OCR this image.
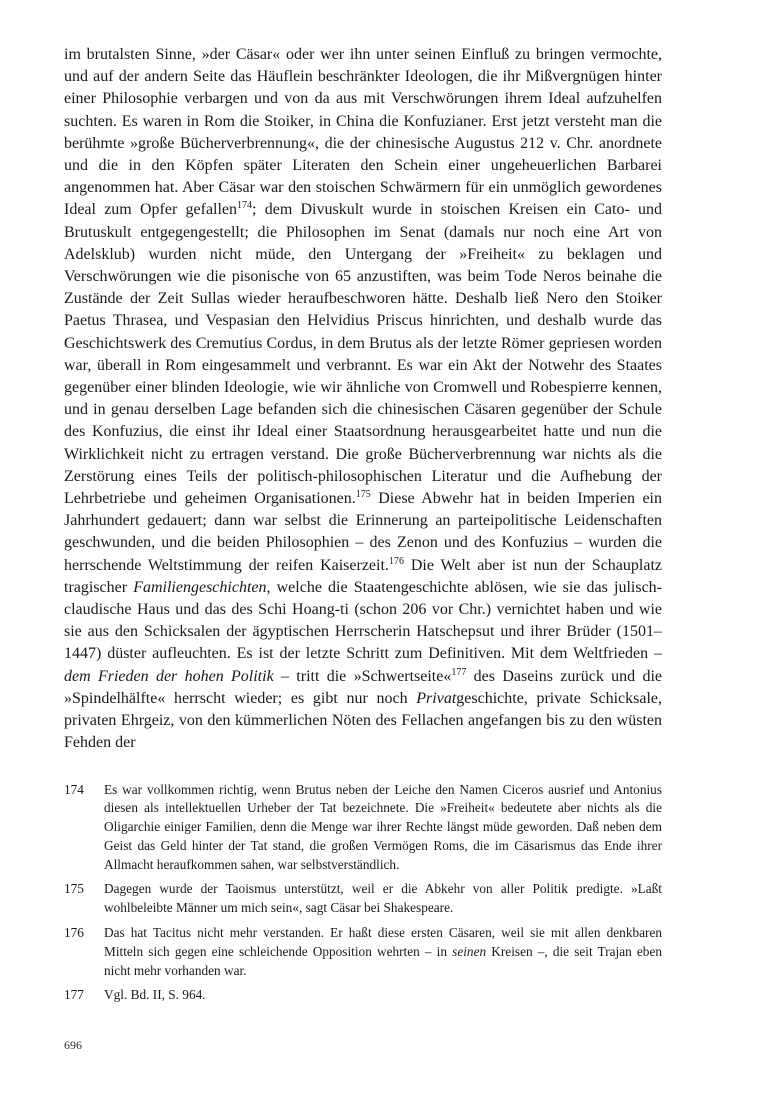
im brutalsten Sinne, »der Cäsar« oder wer ihn unter seinen Einfluß zu bringen vermochte, und auf der andern Seite das Häuflein beschränkter Ideologen, die ihr Mißvergnügen hinter einer Philosophie verbargen und von da aus mit Verschwörungen ihrem Ideal aufzuhelfen suchten. Es waren in Rom die Stoiker, in China die Konfuzianer. Erst jetzt versteht man die berühmte »große Bücherverbrennung«, die der chinesische Augustus 212 v. Chr. anordnete und die in den Köpfen später Literaten den Schein einer ungeheuerlichen Barbarei angenommen hat. Aber Cäsar war den stoischen Schwärmern für ein unmöglich gewordenes Ideal zum Opfer gefallen$^{174}$; dem Divuskult wurde in stoischen Kreisen ein Cato- und Brutuskult entgegengestellt; die Philosophen im Senat (damals nur noch eine Art von Adelsklub) wurden nicht müde, den Untergang der »Freiheit« zu beklagen und Verschwörungen wie die pisonische von 65 anzustiften, was beim Tode Neros beinahe die Zustände der Zeit Sullas wieder heraufbeschworen hätte. Deshalb ließ Nero den Stoiker Paetus Thrasea, und Vespasian den Helvidius Priscus hinrichten, und deshalb wurde das Geschichtswerk des Cremutius Cordus, in dem Brutus als der letzte Römer gepriesen worden war, überall in Rom eingesammelt und verbrannt. Es war ein Akt der Notwehr des Staates gegenüber einer blinden Ideologie, wie wir ähnliche von Cromwell und Robespierre kennen, und in genau derselben Lage befanden sich die chinesischen Cäsaren gegenüber der Schule des Konfuzius, die einst ihr Ideal einer Staatsordnung herausgearbeitet hatte und nun die Wirklichkeit nicht zu ertragen verstand. Die große Bücherverbrennung war nichts als die Zerstörung eines Teils der politisch-philosophischen Literatur und die Aufhebung der Lehrbetriebe und geheimen Organisationen.$^{175}$ Diese Abwehr hat in beiden Imperien ein Jahrhundert gedauert; dann war selbst die Erinnerung an parteipolitische Leidenschaften geschwunden, und die beiden Philosophien – des Zenon und des Konfuzius – wurden die herrschende Weltstimmung der reifen Kaiserzeit.$^{176}$ Die Welt aber ist nun der Schauplatz tragischer Familiengeschichten, welche die Staatengeschichte ablösen, wie sie das julisch-claudische Haus und das des Schi Hoang-ti (schon 206 vor Chr.) vernichtet haben und wie sie aus den Schicksalen der ägyptischen Herrscherin Hatschepsut und ihrer Brüder (1501–1447) düster aufleuchten. Es ist der letzte Schritt zum Definitiven. Mit dem Weltfrieden – dem Frieden der hohen Politik – tritt die »Schwertseite«$^{177}$ des Daseins zurück und die »Spindelhälfte« herrscht wieder; es gibt nur noch Privatgeschichte, private Schicksale, privaten Ehrgeiz, von den kümmerlichen Nöten des Fellachen angefangen bis zu den wüsten Fehden der

174	Es war vollkommen richtig, wenn Brutus neben der Leiche den Namen Ciceros ausrief und Antonius diesen als intellektuellen Urheber der Tat bezeichnete. Die »Freiheit« bedeutete aber nichts als die Oligarchie einiger Familien, denn die Menge war ihrer Rechte längst müde geworden. Daß neben dem Geist das Geld hinter der Tat stand, die großen Vermögen Roms, die im Cäsarismus das Ende ihrer Allmacht heraufkommen sahen, war selbstverständlich.
175	Dagegen wurde der Taoismus unterstützt, weil er die Abkehr von aller Politik predigte. »Laßt wohlbeleibte Männer um mich sein«, sagt Cäsar bei Shakespeare.
176	Das hat Tacitus nicht mehr verstanden. Er haßt diese ersten Cäsaren, weil sie mit allen denkbaren Mitteln sich gegen eine schleichende Opposition wehrten – in seinen Kreisen –, die seit Trajan eben nicht mehr vorhanden war.
177	Vgl. Bd. II, S. 964.
696
